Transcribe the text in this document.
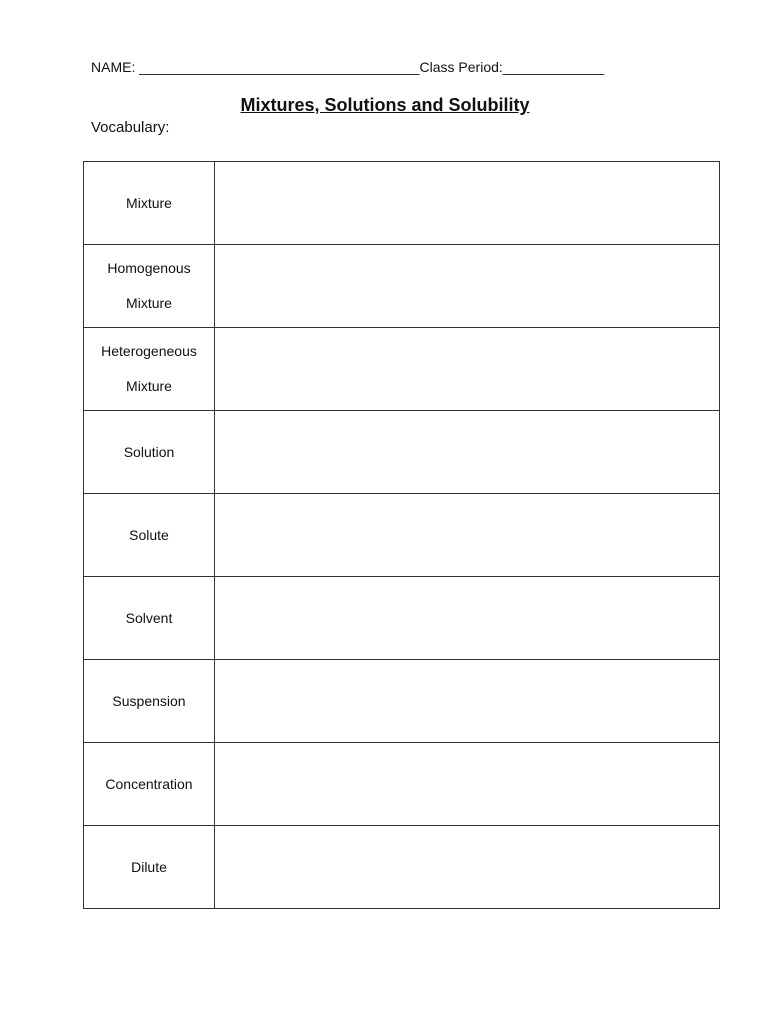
NAME: ____________________________________Class Period:_____________
Mixtures, Solutions and Solubility
Vocabulary:
Mixture	
Homogenous Mixture	
Heterogeneous Mixture	
Solution	
Solute	
Solvent	
Suspension	
Concentration	
Dilute	
